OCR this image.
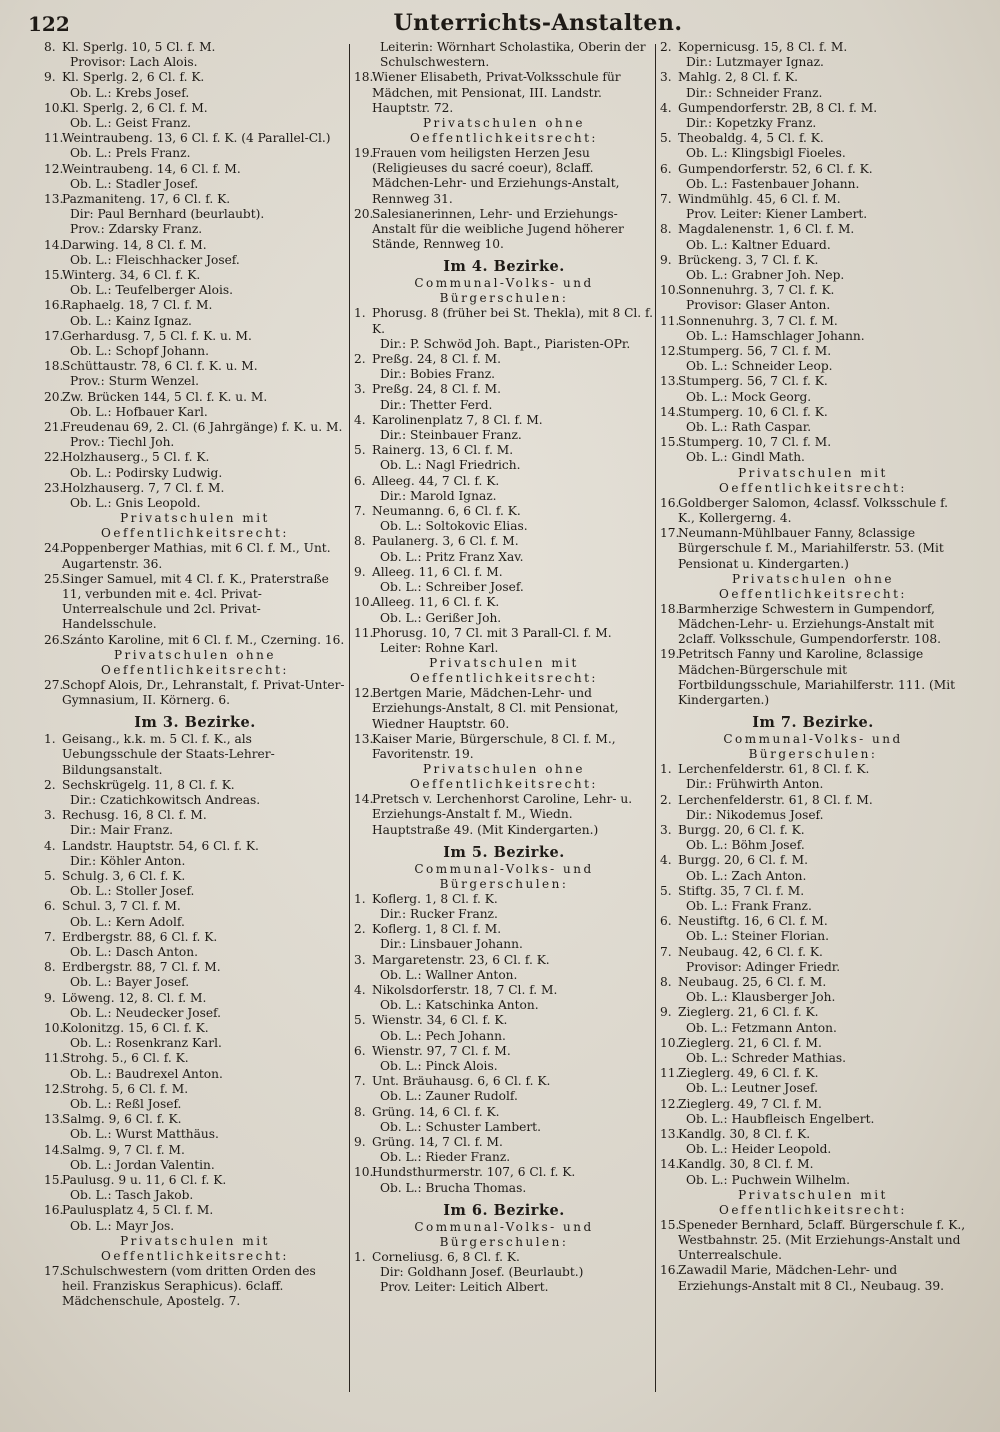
122	Unterrichts-Anstalten.
8. Kl. Sperlg. 10, 5 Cl. f. M.
Provisor: Lach Alois.
9. Kl. Sperlg. 2, 6 Cl. f. K.
Ob. L.: Krebs Josef.
10.Kl. Sperlg. 2, 6 Cl. f. M.
Ob. L.: Geist Franz.
11.Weintraubeng. 13, 6 Cl. f. K. (4 Parallel-Cl.)
Ob. L.: Prels Franz.
12.Weintraubeng. 14, 6 Cl. f. M.
Ob. L.: Stadler Josef.
13.Pazmaniteng. 17, 6 Cl. f. K.
Dir: Paul Bernhard (beurlaubt).
Prov.: Zdarsky Franz.
14.Darwing. 14, 8 Cl. f. M.
Ob. L.: Fleischhacker Josef.
15.Winterg. 34, 6 Cl. f. K.
Ob. L.: Teufelberger Alois.
16.Raphaelg. 18, 7 Cl. f. M.
Ob. L.: Kainz Ignaz.
17.Gerhardusg. 7, 5 Cl. f. K. u. M.
Ob. L.: Schopf Johann.
18.Schüttaustr. 78, 6 Cl. f. K. u. M.
Prov.: Sturm Wenzel.
20.Zw. Brücken 144, 5 Cl. f. K. u. M.
Ob. L.: Hofbauer Karl.
21.Freudenau 69, 2. Cl. (6 Jahrgänge) f. K. u. M.
Prov.: Tiechl Joh.
22.Holzhauserg., 5 Cl. f. K.
Ob. L.: Podirsky Ludwig.
23.Holzhauserg. 7, 7 Cl. f. M.
Ob. L.: Gnis Leopold.
Privatschulen mit Oeffentlichkeitsrecht:
24.Poppenberger Mathias, mit 6 Cl. f. M., Unt. Augartenstr. 36.
25.Singer Samuel, mit 4 Cl. f. K., Praterstraße 11, verbunden mit e. 4cl. Privat-Unterrealschule und 2cl. Privat-Handelsschule.
26.Szánto Karoline, mit 6 Cl. f. M., Czerning. 16.
Privatschulen ohne Oeffentlichkeitsrecht:
27.Schopf Alois, Dr., Lehranstalt, f. Privat-Unter-Gymnasium, II. Körnerg. 6.
Im 3. Bezirke.
1. Geisang., k.k. m. 5 Cl. f. K., als Uebungsschule der Staats-Lehrer-Bildungsanstalt.
2. Sechskrügelg. 11, 8 Cl. f. K.
Dir.: Czatichkowitsch Andreas.
3. Rechusg. 16, 8 Cl. f. M.
Dir.: Mair Franz.
4. Landstr. Hauptstr. 54, 6 Cl. f. K.
Dir.: Köhler Anton.
5. Schulg. 3, 6 Cl. f. K.
Ob. L.: Stoller Josef.
6. Schul. 3, 7 Cl. f. M.
Ob. L.: Kern Adolf.
7. Erdbergstr. 88, 6 Cl. f. K.
Ob. L.: Dasch Anton.
8. Erdbergstr. 88, 7 Cl. f. M.
Ob. L.: Bayer Josef.
9. Löweng. 12, 8. Cl. f. M.
Ob. L.: Neudecker Josef.
10.Kolonitzg. 15, 6 Cl. f. K.
Ob. L.: Rosenkranz Karl.
11.Strohg. 5., 6 Cl. f. K.
Ob. L.: Baudrexel Anton.
12.Strohg. 5, 6 Cl. f. M.
Ob. L.: Reßl Josef.
13.Salmg. 9, 6 Cl. f. K.
Ob. L.: Wurst Matthäus.
14.Salmg. 9, 7 Cl. f. M.
Ob. L.: Jordan Valentin.
15.Paulusg. 9 u. 11, 6 Cl. f. K.
Ob. L.: Tasch Jakob.
16.Paulusplatz 4, 5 Cl. f. M.
Ob. L.: Mayr Jos.
Privatschulen mit Oeffentlichkeitsrecht:
17.Schulschwestern (vom dritten Orden des heil. Franziskus Seraphicus). 6claff. Mädchenschule, Apostelg. 7.
Leiterin: Wörnhart Scholastika, Oberin der Schulschwestern.
18.Wiener Elisabeth, Privat-Volksschule für Mädchen, mit Pensionat, III. Landstr. Hauptstr. 72.
Privatschulen ohne Oeffentlichkeitsrecht:
19.Frauen vom heiligsten Herzen Jesu (Religieuses du sacré coeur), 8claff. Mädchen-Lehr- und Erziehungs-Anstalt, Rennweg 31.
20.Salesianerinnen, Lehr- und Erziehungs-Anstalt für die weibliche Jugend höherer Stände, Rennweg 10.
Im 4. Bezirke.
Communal-Volks- und Bürgerschulen:
1. Phorusg. 8 (früher bei St. Thekla), mit 8 Cl. f. K.
Dir.: P. Schwöd Joh. Bapt., Piaristen-OPr.
2. Preßg. 24, 8 Cl. f. M.
Dir.: Bobies Franz.
3. Preßg. 24, 8 Cl. f. M.
Dir.: Thetter Ferd.
4. Karolinenplatz 7, 8 Cl. f. M.
Dir.: Steinbauer Franz.
5. Rainerg. 13, 6 Cl. f. M.
Ob. L.: Nagl Friedrich.
6. Alleeg. 44, 7 Cl. f. K.
Dir.: Marold Ignaz.
7. Neumanng. 6, 6 Cl. f. K.
Ob. L.: Soltokovic Elias.
8. Paulanerg. 3, 6 Cl. f. M.
Ob. L.: Pritz Franz Xav.
9. Alleeg. 11, 6 Cl. f. M.
Ob. L.: Schreiber Josef.
10.Alleeg. 11, 6 Cl. f. K.
Ob. L.: Gerißer Joh.
11.Phorusg. 10, 7 Cl. mit 3 Parall-Cl. f. M.
Leiter: Rohne Karl.
Privatschulen mit Oeffentlichkeitsrecht:
12.Bertgen Marie, Mädchen-Lehr- und Erziehungs-Anstalt, 8 Cl. mit Pensionat, Wiedner Hauptstr. 60.
13.Kaiser Marie, Bürgerschule, 8 Cl. f. M., Favoritenstr. 19.
Privatschulen ohne Oeffentlichkeitsrecht:
14.Pretsch v. Lerchenhorst Caroline, Lehr- u. Erziehungs-Anstalt f. M., Wiedn. Hauptstraße 49. (Mit Kindergarten.)
Im 5. Bezirke.
Communal-Volks- und Bürgerschulen:
1. Koflerg. 1, 8 Cl. f. K.
Dir.: Rucker Franz.
2. Koflerg. 1, 8 Cl. f. M.
Dir.: Linsbauer Johann.
3. Margaretenstr. 23, 6 Cl. f. K.
Ob. L.: Wallner Anton.
4. Nikolsdorferstr. 18, 7 Cl. f. M.
Ob. L.: Katschinka Anton.
5. Wienstr. 34, 6 Cl. f. K.
Ob. L.: Pech Johann.
6. Wienstr. 97, 7 Cl. f. M.
Ob. L.: Pinck Alois.
7. Unt. Bräuhausg. 6, 6 Cl. f. K.
Ob. L.: Zauner Rudolf.
8. Grüng. 14, 6 Cl. f. K.
Ob. L.: Schuster Lambert.
9. Grüng. 14, 7 Cl. f. M.
Ob. L.: Rieder Franz.
10.Hundsthurmerstr. 107, 6 Cl. f. K.
Ob. L.: Brucha Thomas.
Im 6. Bezirke.
Communal-Volks- und Bürgerschulen:
1. Corneliusg. 6, 8 Cl. f. K.
Dir: Goldhann Josef. (Beurlaubt.)
Prov. Leiter: Leitich Albert.
2. Kopernicusg. 15, 8 Cl. f. M.
Dir.: Lutzmayer Ignaz.
3. Mahlg. 2, 8 Cl. f. K.
Dir.: Schneider Franz.
4. Gumpendorferstr. 2B, 8 Cl. f. M.
Dir.: Kopetzky Franz.
5. Theobaldg. 4, 5 Cl. f. K.
Ob. L.: Klingsbigl Fioeles.
6. Gumpendorferstr. 52, 6 Cl. f. K.
Ob. L.: Fastenbauer Johann.
7. Windmühlg. 45, 6 Cl. f. M.
Prov. Leiter: Kiener Lambert.
8. Magdalenenstr. 1, 6 Cl. f. M.
Ob. L.: Kaltner Eduard.
9. Brückeng. 3, 7 Cl. f. K.
Ob. L.: Grabner Joh. Nep.
10.Sonnenuhrg. 3, 7 Cl. f. K.
Provisor: Glaser Anton.
11.Sonnenuhrg. 3, 7 Cl. f. M.
Ob. L.: Hamschlager Johann.
12.Stumperg. 56, 7 Cl. f. M.
Ob. L.: Schneider Leop.
13.Stumperg. 56, 7 Cl. f. K.
Ob. L.: Mock Georg.
14.Stumperg. 10, 6 Cl. f. K.
Ob. L.: Rath Caspar.
15.Stumperg. 10, 7 Cl. f. M.
Ob. L.: Gindl Math.
Privatschulen mit Oeffentlichkeitsrecht:
16.Goldberger Salomon, 4classf. Volksschule f. K., Kollergerng. 4.
17.Neumann-Mühlbauer Fanny, 8classige Bürgerschule f. M., Mariahilferstr. 53. (Mit Pensionat u. Kindergarten.)
Privatschulen ohne Oeffentlichkeitsrecht:
18.Barmherzige Schwestern in Gumpendorf, Mädchen-Lehr- u. Erziehungs-Anstalt mit 2claff. Volksschule, Gumpendorferstr. 108.
19.Petritsch Fanny und Karoline, 8classige Mädchen-Bürgerschule mit Fortbildungsschule, Mariahilferstr. 111. (Mit Kindergarten.)
Im 7. Bezirke.
Communal-Volks- und Bürgerschulen:
1. Lerchenfelderstr. 61, 8 Cl. f. K.
Dir.: Frühwirth Anton.
2. Lerchenfelderstr. 61, 8 Cl. f. M.
Dir.: Nikodemus Josef.
3. Burgg. 20, 6 Cl. f. K.
Ob. L.: Böhm Josef.
4. Burgg. 20, 6 Cl. f. M.
Ob. L.: Zach Anton.
5. Stiftg. 35, 7 Cl. f. M.
Ob. L.: Frank Franz.
6. Neustiftg. 16, 6 Cl. f. M.
Ob. L.: Steiner Florian.
7. Neubaug. 42, 6 Cl. f. K.
Provisor: Adinger Friedr.
8. Neubaug. 25, 6 Cl. f. M.
Ob. L.: Klausberger Joh.
9. Zieglerg. 21, 6 Cl. f. K.
Ob. L.: Fetzmann Anton.
10.Zieglerg. 21, 6 Cl. f. M.
Ob. L.: Schreder Mathias.
11.Zieglerg. 49, 6 Cl. f. K.
Ob. L.: Leutner Josef.
12.Zieglerg. 49, 7 Cl. f. M.
Ob. L.: Haubfleisch Engelbert.
13.Kandlg. 30, 8 Cl. f. K.
Ob. L.: Heider Leopold.
14.Kandlg. 30, 8 Cl. f. M.
Ob. L.: Puchwein Wilhelm.
Privatschulen mit Oeffentlichkeitsrecht:
15.Speneder Bernhard, 5claff. Bürgerschule f. K., Westbahnstr. 25. (Mit Erziehungs-Anstalt und Unterrealschule.
16.Zawadil Marie, Mädchen-Lehr- und Erziehungs-Anstalt mit 8 Cl., Neubaug. 39.
